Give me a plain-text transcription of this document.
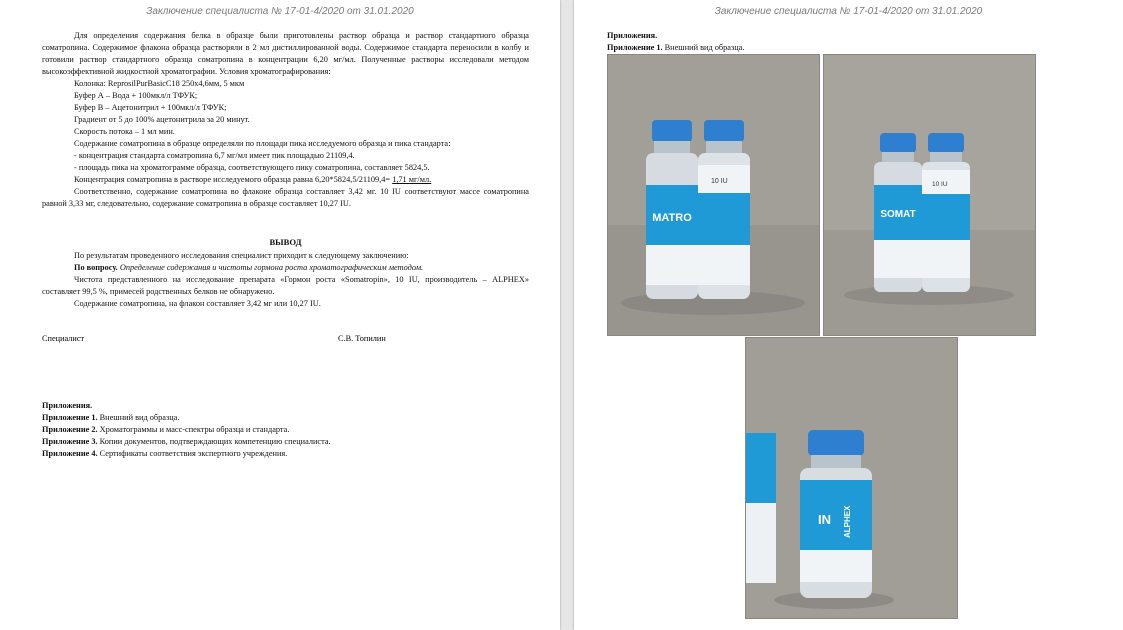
Заключение специалиста № 17-01-4/2020 от 31.01.2020

Для определения содержания белка в образце были приготовлены раствор образца и раствор стандартного образца соматропина. Содержимое флакона образца растворяли в 2 мл дистиллированной воды. Содержимое стандарта переносили в колбу и готовили раствор стандартного образца соматропина в концентрации 6,20 мг/мл. Полученные растворы исследовали методом высокоэффективной жидкостной хроматографии. Условия хроматографирования:

Колонка: ReprosilPurBasicC18 250х4,6мм, 5 мкм

Буфер А – Вода + 100мкл/л ТФУК;

Буфер В – Ацетонитрил + 100мкл/л ТФУК;

Градиент от 5 до 100% ацетонитрила за 20 минут.

Скорость потока – 1 мл мин.

Содержание соматропина в образце определяли по площади пика исследуемого образца и пика стандарта:

- концентрация стандарта соматропина 6,7 мг/мл имеет пик площадью 21109,4.

- площадь пика на хроматограмме образца, соответствующего пику соматропина, составляет 5824,5.

Концентрация соматропина в растворе исследуемого образца равна 6,20*5824,5/21109,4= 1,71 мг/мл.

Соответственно, содержание соматропина во флаконе образца составляет 3,42 мг. 10 IU соответствуют массе соматропина равной 3,33 мг, следовательно, содержание соматропина в образце составляет 10,27 IU.

ВЫВОД

По результатам проведенного исследования специалист приходит к следующему заключению:

По вопросу. Определение содержания и чистоты гормона роста хроматографическим методом.

Чистота представленного на исследование препарата «Гормон роста «Somatropin», 10 IU, производитель – ALPHEX» составляет 99,5 %, примесей родственных белков не обнаружено.

Содержание соматропина, на флакон составляет 3,42 мг или 10,27 IU.

Специалист	С.В. Топилин

Приложения.

Приложение 1. Внешний вид образца.

Приложение 2. Хроматограммы и масс-спектры образца и стандарта.

Приложение 3. Копии документов, подтверждающих компетенцию специалиста.

Приложение 4. Сертификаты соответствия экспертного учреждения.

Заключение специалиста № 17-01-4/2020 от 31.01.2020

Приложения.

Приложение 1. Внешний вид образца.

MATRO
10 IU
SOMAT
10 IU
IN ALPHEX
